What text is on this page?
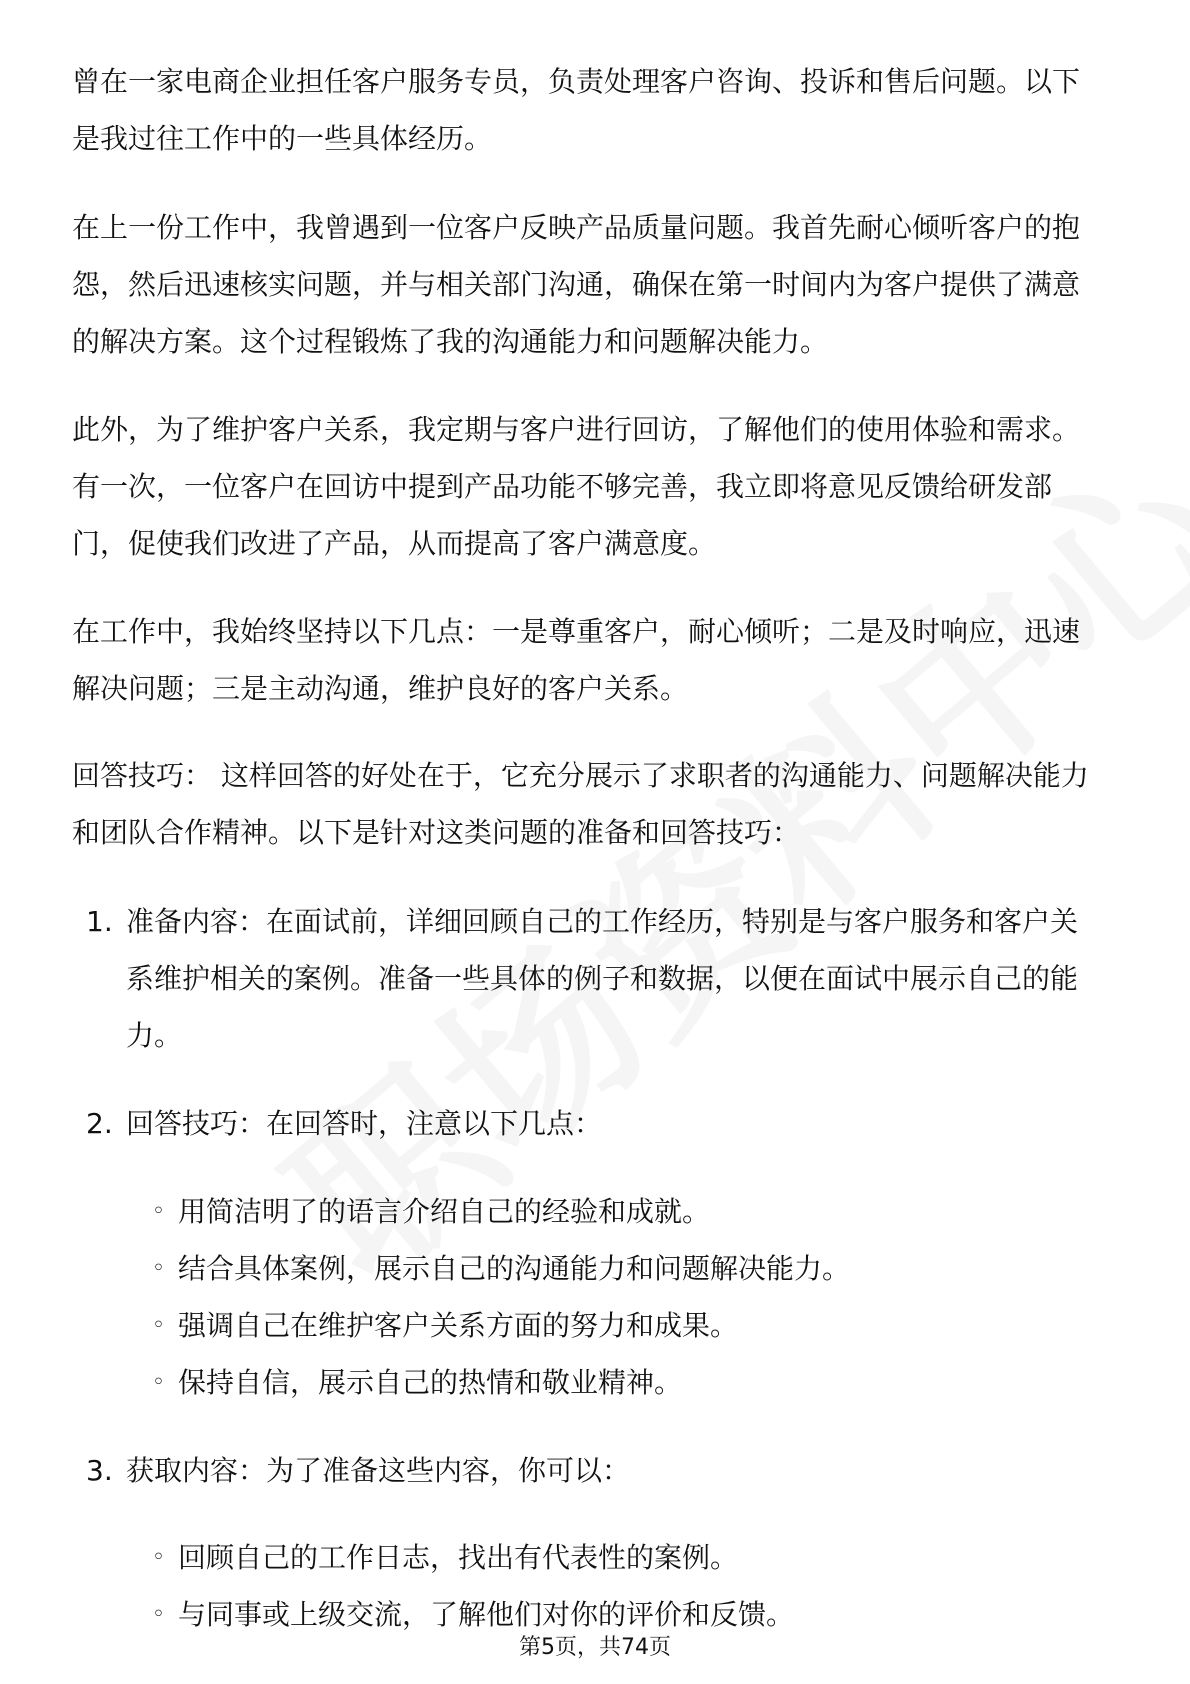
曾在一家电商企业担任客户服务专员，负责处理客户咨询、投诉和售后问题。以下
是我过往工作中的一些具体经历。
在上一份工作中，我曾遇到一位客户反映产品质量问题。我首先耐心倾听客户的抱
怨，然后迅速核实问题，并与相关部门沟通，确保在第一时间内为客户提供了满意
的解决方案。这个过程锻炼了我的沟通能力和问题解决能力。
此外，为了维护客户关系，我定期与客户进行回访，了解他们的使用体验和需求。
有一次，一位客户在回访中提到产品功能不够完善，我立即将意见反馈给研发部
门，促使我们改进了产品，从而提高了客户满意度。
在工作中，我始终坚持以下几点：一是尊重客户，耐心倾听；二是及时响应，迅速
解决问题；三是主动沟通，维护良好的客户关系。
回答技巧： 这样回答的好处在于，它充分展示了求职者的沟通能力、问题解决能力
和团队合作精神。以下是针对这类问题的准备和回答技巧：
1. 准备内容：在面试前，详细回顾自己的工作经历，特别是与客户服务和客户关
系维护相关的案例。准备一些具体的例子和数据，以便在面试中展示自己的能
力。
2. 回答技巧：在回答时，注意以下几点：
◦ 用简洁明了的语言介绍自己的经验和成就。
◦ 结合具体案例，展示自己的沟通能力和问题解决能力。
◦ 强调自己在维护客户关系方面的努力和成果。
◦ 保持自信，展示自己的热情和敬业精神。
3. 获取内容：为了准备这些内容，你可以：
◦ 回顾自己的工作日志，找出有代表性的案例。
◦ 与同事或上级交流，了解他们对你的评价和反馈。
第5页，共74页
